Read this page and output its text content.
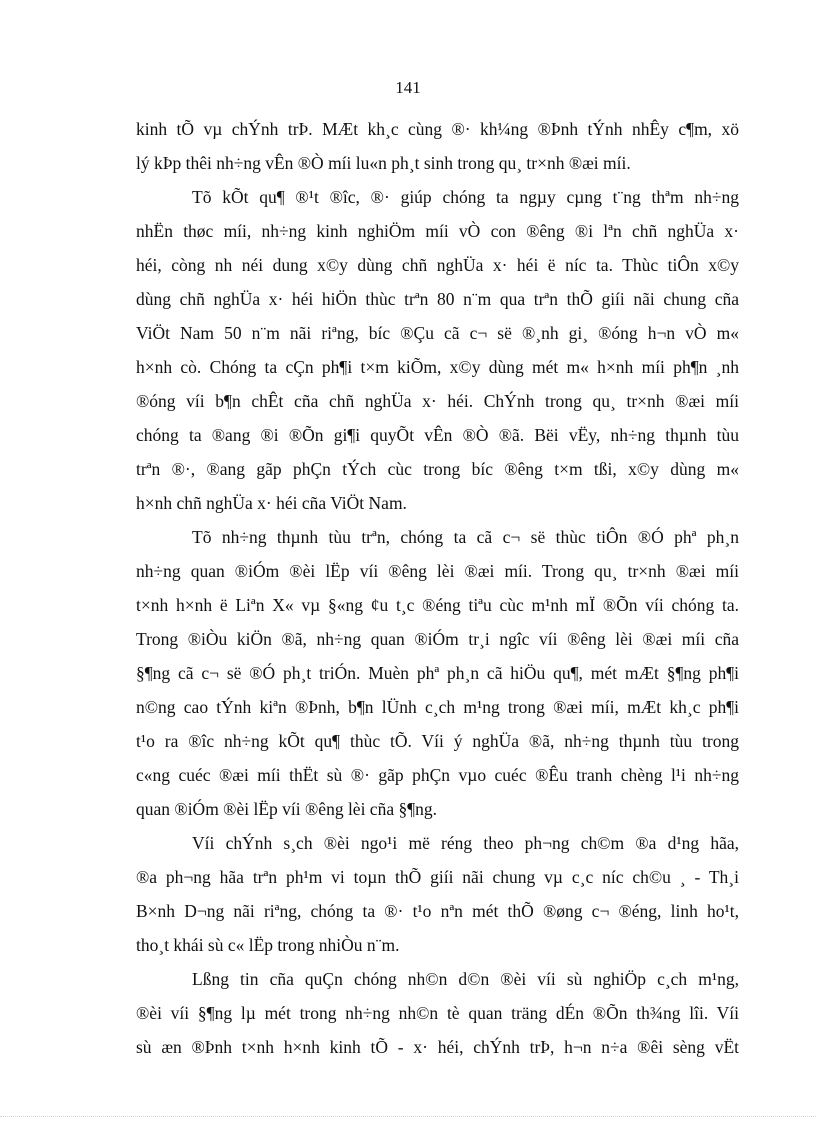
141
kinh tÕ vµ chÝnh trÞ. MÆt kh¸c cùng ®· kh¼ng ®Þnh tÝnh nhÊy c¶m, xö
lý kÞp thêi nh÷ng vÊn ®Ò míi lu«n ph¸t sinh trong qu¸ tr×nh ®æi míi.
Tõ kÕt qu¶ ®¹t ®îc, ®· giúp chóng ta ngµy cµng t¨ng thªm nh÷ng
nhËn thøc míi, nh÷ng kinh nghiÖm míi vÒ con ®êng ®i lªn chñ nghÜa x·
héi, còng nh néi dung x©y dùng chñ nghÜa x· héi ë níc ta. Thùc tiÔn x©y
dùng chñ nghÜa x· héi hiÖn thùc trªn 80 n¨m qua trªn thÕ giíi nãi chung cña
ViÖt Nam 50 n¨m nãi riªng, bíc ®Çu cã c¬ së ®¸nh gi¸ ®óng h¬n vÒ m«
h×nh cò. Chóng ta cÇn ph¶i t×m kiÕm, x©y dùng mét m« h×nh míi ph¶n ¸nh
®óng víi b¶n chÊt cña chñ nghÜa x· héi. ChÝnh trong qu¸ tr×nh ®æi míi
chóng ta ®ang ®i ®Õn gi¶i quyÕt vÊn ®Ò ®ã. Bëi vËy, nh÷ng thµnh tùu
trªn ®·, ®ang gãp phÇn tÝch cùc trong bíc ®êng t×m tßi, x©y dùng m«
h×nh chñ nghÜa x· héi cña ViÖt Nam.
Tõ nh÷ng thµnh tùu trªn, chóng ta cã c¬ së thùc tiÔn ®Ó phª ph¸n
nh÷ng quan ®iÓm ®èi lËp víi ®êng lèi ®æi míi. Trong qu¸ tr×nh ®æi míi
t×nh h×nh ë Liªn X« vµ §«ng ¢u t¸c ®éng tiªu cùc m¹nh mÏ ®Õn víi chóng ta.
Trong ®iÒu kiÖn ®ã, nh÷ng quan ®iÓm tr¸i ngîc víi ®êng lèi ®æi míi cña
§¶ng cã c¬ së ®Ó ph¸t triÓn. Muèn phª ph¸n cã hiÖu qu¶, mét mÆt §¶ng ph¶i
n©ng cao tÝnh kiªn ®Þnh, b¶n lÜnh c¸ch m¹ng trong ®æi míi, mÆt kh¸c ph¶i
t¹o ra ®îc nh÷ng kÕt qu¶ thùc tÕ. Víi ý nghÜa ®ã, nh÷ng thµnh tùu trong
c«ng cuéc ®æi míi thËt sù ®· gãp phÇn vµo cuéc ®Êu tranh chèng l¹i nh÷ng
quan ®iÓm ®èi lËp víi ®êng lèi cña §¶ng.
Víi chÝnh s¸ch ®èi ngo¹i më réng theo ph¬ng ch©m ®a d¹ng hãa,
®a ph¬ng hãa trªn ph¹m vi toµn thÕ giíi nãi chung vµ c¸c níc ch©u ¸ - Th¸i
B×nh D¬ng nãi riªng, chóng ta ®· t¹o nªn mét thÕ ®øng c¬ ®éng, linh ho¹t,
tho¸t khái sù c« lËp trong nhiÒu n¨m.
Lßng tin cña quÇn chóng nh©n d©n ®èi víi sù nghiÖp c¸ch m¹ng,
®èi víi §¶ng lµ mét trong nh÷ng nh©n tè quan träng dÉn ®Õn th¾ng lîi. Víi
sù æn ®Þnh t×nh h×nh kinh tÕ - x· héi, chÝnh trÞ, h¬n n÷a ®êi sèng vËt
